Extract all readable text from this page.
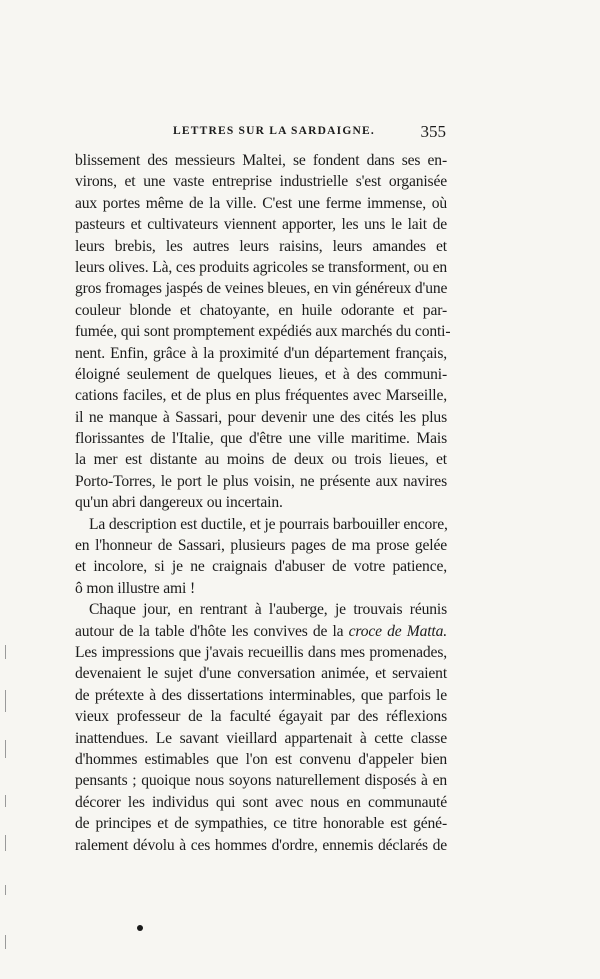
LETTRES SUR LA SARDAIGNE.	355
blissement des messieurs Maltei, se fondent dans ses en-
virons, et une vaste entreprise industrielle s'est organisée
aux portes même de la ville. C'est une ferme immense, où
pasteurs et cultivateurs viennent apporter, les uns le lait de
leurs brebis, les autres leurs raisins, leurs amandes et
leurs olives. Là, ces produits agricoles se transforment, ou en
gros fromages jaspés de veines bleues, en vin généreux d'une
couleur blonde et chatoyante, en huile odorante et par-
fumée, qui sont promptement expédiés aux marchés du conti-
nent. Enfin, grâce à la proximité d'un département français,
éloigné seulement de quelques lieues, et à des communi-
cations faciles, et de plus en plus fréquentes avec Marseille,
il ne manque à Sassari, pour devenir une des cités les plus
florissantes de l'Italie, que d'être une ville maritime. Mais
la mer est distante au moins de deux ou trois lieues, et
Porto-Torres, le port le plus voisin, ne présente aux navires
qu'un abri dangereux ou incertain.
La description est ductile, et je pourrais barbouiller encore,
en l'honneur de Sassari, plusieurs pages de ma prose gelée
et incolore, si je ne craignais d'abuser de votre patience,
ô mon illustre ami !
Chaque jour, en rentrant à l'auberge, je trouvais réunis
autour de la table d'hôte les convives de la croce de Matta.
Les impressions que j'avais recueillis dans mes promenades,
devenaient le sujet d'une conversation animée, et servaient
de prétexte à des dissertations interminables, que parfois le
vieux professeur de la faculté égayait par des réflexions
inattendues. Le savant vieillard appartenait à cette classe
d'hommes estimables que l'on est convenu d'appeler bien
pensants ; quoique nous soyons naturellement disposés à en
décorer les individus qui sont avec nous en communauté
de principes et de sympathies, ce titre honorable est géné-
ralement dévolu à ces hommes d'ordre, ennemis déclarés de
